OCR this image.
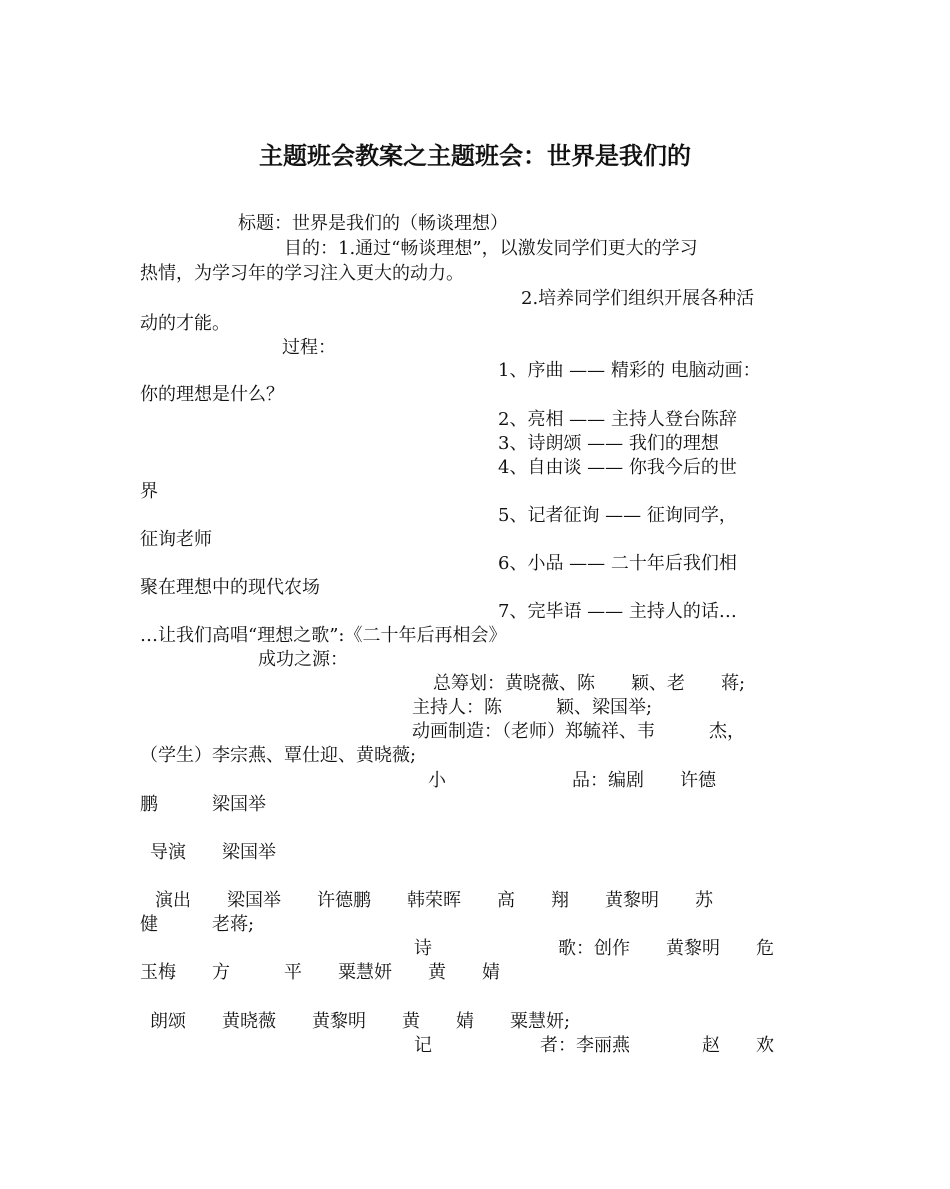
主题班会教案之主题班会：世界是我们的
标题：世界是我们的（畅谈理想）
目的：1.通过“畅谈理想”，以激发同学们更大的学习
热情，为学习年的学习注入更大的动力。
2.培养同学们组织开展各种活
动的才能。
过程：
1、序曲 —— 精彩的 电脑动画：
你的理想是什么？
2、亮相 —— 主持人登台陈辞
3、诗朗颂 —— 我们的理想
4、自由谈 —— 你我今后的世
界
5、记者征询 —— 征询同学，
征询老师
6、小品 —— 二十年后我们相
聚在理想中的现代农场
7、完毕语 —— 主持人的话…
…让我们高唱“理想之歌”:《二十年后再相会》
成功之源：
总筹划：黄晓薇、陈　　颖、老　　蒋;
主持人：陈　　　颖、梁国举;
动画制造：（老师）郑毓祥、韦　　　杰，
（学生）李宗燕、覃仕迎、黄晓薇;
小　　　　　　　品：编剧　　许德
鹏　　　梁国举
导演　　梁国举
演出　　梁国举　　许德鹏　　韩荣晖　　高　　翔　　黄黎明　　苏
健　　　老蒋;
诗　　　　　　　歌：创作　　黄黎明　　危
玉梅　　方　　　平　　粟慧妍　　黄　　婧
朗颂　　黄晓薇　　黄黎明　　黄　　婧　　粟慧妍;
记　　　　　　者：李丽燕　　　　赵　　欢
